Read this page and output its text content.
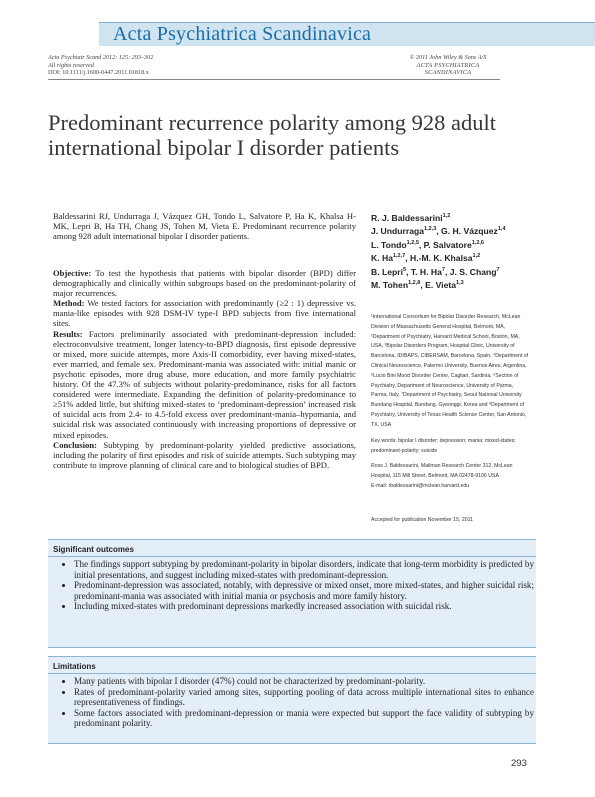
Acta Psychiatrica Scandinavica
Acta Psychiatr Scand 2012: 125: 293–302
All rights reserved
DOI: 10.1111/j.1600-0447.2011.01818.x
© 2011 John Wiley & Sons A/S
ACTA PSYCHIATRICA
SCANDINAVICA
Predominant recurrence polarity among 928 adult international bipolar I disorder patients
Baldessarini RJ, Undurraga J, Vázquez GH, Tondo L, Salvatore P, Ha K, Khalsa H-MK, Lepri B, Ha TH, Chang JS, Tohen M, Vieta E. Predominant recurrence polarity among 928 adult international bipolar I disorder patients.

Objective: To test the hypothesis that patients with bipolar disorder (BPD) differ demographically and clinically within subgroups based on the predominant-polarity of major recurrences.

Method: We tested factors for association with predominantly (≥2 : 1) depressive vs. mania-like episodes with 928 DSM-IV type-I BPD subjects from five international sites.

Results: Factors preliminarily associated with predominant-depression included: electroconvulsive treatment, longer latency-to-BPD diagnosis, first episode depressive or mixed, more suicide attempts, more Axis-II comorbidity, ever having mixed-states, ever married, and female sex. Predominant-mania was associated with: initial manic or psychotic episodes, more drug abuse, more education, and more family psychiatric history. Of the 47.3% of subjects without polarity-predominance, risks for all factors considered were intermediate. Expanding the definition of polarity-predominance to ≥51% added little, but shifting mixed-states to ‘predominant-depression’ increased risk of suicidal acts from 2.4- to 4.5-fold excess over predominant-mania–hypomania, and suicidal risk was associated continuously with increasing proportions of depressive or mixed episodes.

Conclusion: Subtyping by predominant-polarity yielded predictive associations, including the polarity of first episodes and risk of suicide attempts. Such subtyping may contribute to improve planning of clinical care and to biological studies of BPD.

R. J. Baldessarini$^{1,2}$
J. Undurraga$^{1,2,3}$, G. H. Vázquez$^{1,4}$
L. Tondo$^{1,2,5}$, P. Salvatore$^{1,2,6}$
K. Ha$^{1,2,7}$, H.-M. K. Khalsa$^{1,2}$
B. Lepri$^5$, T. H. Ha$^7$, J. S. Chang$^7$
M. Tohen$^{1,2,8}$, E. Vieta$^{1,3}$
¹International Consortium for Bipolar Disorder Research, McLean Division of Massachusetts General Hospital, Belmont, MA, ²Department of Psychiatry, Harvard Medical School, Boston, MA, USA, ³Bipolar Disorders Program, Hospital Clinic, University of Barcelona, IDIBAPS, CIBERSAM, Barcelona, Spain, ⁴Department of Clinical Neuroscience, Palermo University, Buenos Aires, Argentina, ⁵Lucio Bini Mood Disorder Center, Cagliari, Sardinia, ⁶Section of Psychiatry, Department of Neuroscience, University of Parma, Parma, Italy, ⁷Department of Psychiatry, Seoul National University Bundang Hospital, Bundang, Gyeonggi, Korea and ⁸Department of Psychiatry, University of Texas Health Science Center, San Antonio, TX, USA
Key words: bipolar I disorder; depression; mania; mixed-states; predominant-polarity; suicide
Ross J. Baldessarini, Mailman Research Center 312, McLean Hospital, 115 Mill Street, Belmont, MA 02478-9106 USA
E-mail: rbaldessarini@mclean.harvard.edu
Accepted for publication November 15, 2011
Significant outcomes
• The findings support subtyping by predominant-polarity in bipolar disorders, indicate that long-term morbidity is predicted by initial presentations, and suggest including mixed-states with predominant-depression.
• Predominant-depression was associated, notably, with depressive or mixed onset, more mixed-states, and higher suicidal risk; predominant-mania was associated with initial mania or psychosis and more family history.
• Including mixed-states with predominant depressions markedly increased association with suicidal risk.
Limitations
• Many patients with bipolar I disorder (47%) could not be characterized by predominant-polarity.
• Rates of predominant-polarity varied among sites, supporting pooling of data across multiple international sites to enhance representativeness of findings.
• Some factors associated with predominant-depression or mania were expected but support the face validity of subtyping by predominant polarity.
293
